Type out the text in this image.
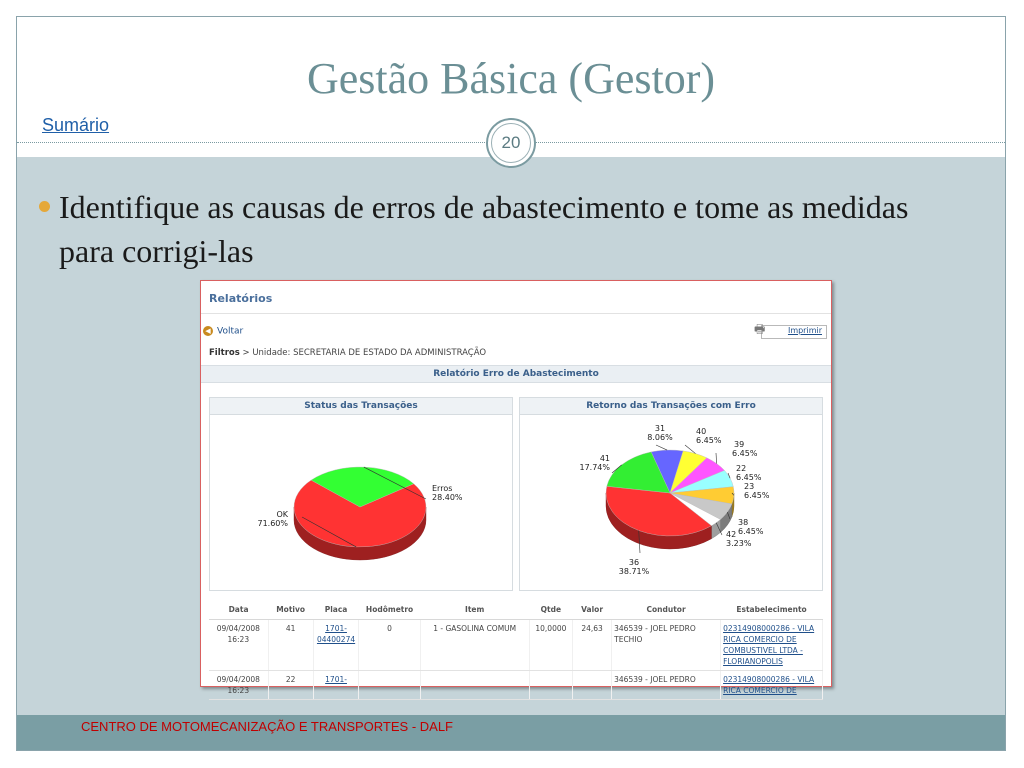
Gestão Básica (Gestor)
Sumário
20
Identifique as causas de erros de abastecimento e tome as medidas para corrigi-las
Relatórios
◀ Voltar	🖶	Imprimir
Filtros > Unidade: SECRETARIA DE ESTADO DA ADMINISTRAÇÃO
Relatório Erro de Abastecimento
Status das Transações
OK
71.60%
Erros
28.40%
Retorno das Transações com Erro
31
8.06%
40
6.45% 39
6.45%
22
6.45%
23
6.45%
38
6.45%
42
3.23%
36
38.71%
41
17.74%
Data	Motivo	Placa	Hodômetro	Item	Qtde	Valor	Condutor	Estabelecimento
09/04/2008 16:23	41	1701-04400274	0	1 - GASOLINA COMUM	10,0000	24,63	346539 - JOEL PEDRO TECHIO	02314908000286 - VILA RICA COMERCIO DE COMBUSTIVEL LTDA - FLORIANOPOLIS
09/04/2008 16:23	22	1701-					346539 - JOEL PEDRO	02314908000286 - VILA RICA COMERCIO DE
CENTRO DE MOTOMECANIZAÇÃO E TRANSPORTES - DALF
